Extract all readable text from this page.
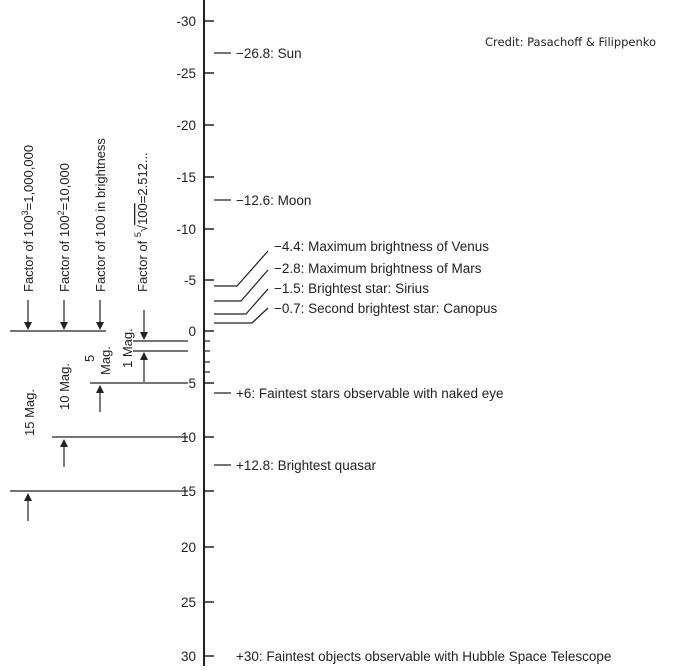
Credit: Pasachoff & Filippenko
-30
-25
-20
-15
-10
-5
0
5
10
15
20
25
30
−26.8: Sun
−12.6: Moon
−4.4: Maximum brightness of Venus
−2.8: Maximum brightness of Mars
−1.5: Brightest star: Sirius
−0.7: Second brightest star: Canopus
+6: Faintest stars observable with naked eye
+12.8: Brightest quasar
+30: Faintest objects observable with Hubble Space Telescope
Factor of $100^3=1,000,000$
Factor of $100^2=10,000$ Factor of 100 in brightness Factor of $^5$√100=2.512...
15 Mag.
10 Mag.
5 Mag. 1 Mag.
